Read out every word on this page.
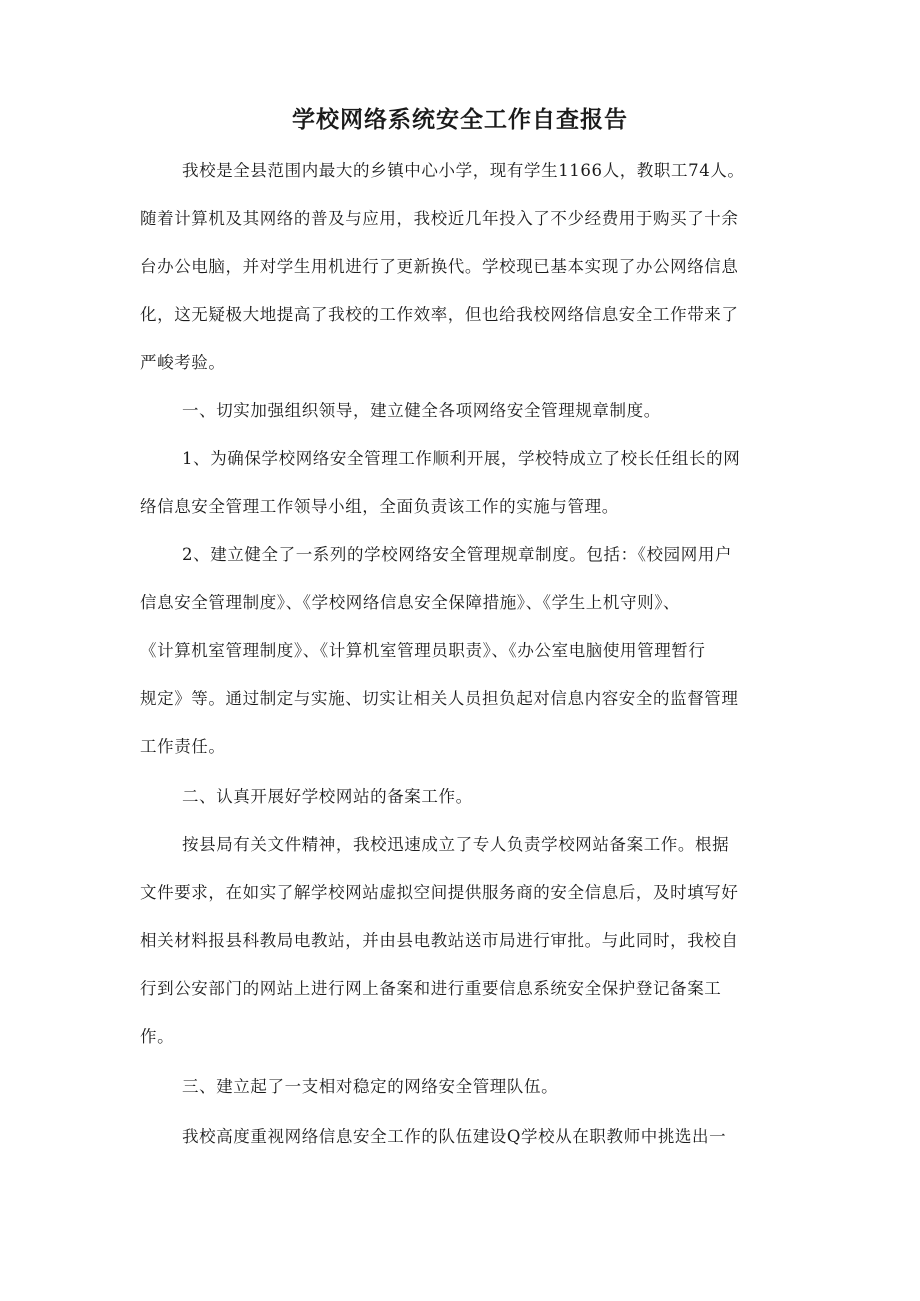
学校网络系统安全工作自查报告
我校是全县范围内最大的乡镇中心小学，现有学生1166人，教职工74人。
随着计算机及其网络的普及与应用，我校近几年投入了不少经费用于购买了十余
台办公电脑，并对学生用机进行了更新换代。学校现已基本实现了办公网络信息
化，这无疑极大地提高了我校的工作效率，但也给我校网络信息安全工作带来了
严峻考验。
一、切实加强组织领导，建立健全各项网络安全管理规章制度。
1、为确保学校网络安全管理工作顺利开展，学校特成立了校长任组长的网
络信息安全管理工作领导小组，全面负责该工作的实施与管理。
2、建立健全了一系列的学校网络安全管理规章制度。包括：《校园网用户
信息安全管理制度》、《学校网络信息安全保障措施》、《学生上机守则》、
《计算机室管理制度》、《计算机室管理员职责》、《办公室电脑使用管理暂行
规定》等。通过制定与实施、切实让相关人员担负起对信息内容安全的监督管理
工作责任。
二、认真开展好学校网站的备案工作。
按县局有关文件精神，我校迅速成立了专人负责学校网站备案工作。根据
文件要求，在如实了解学校网站虚拟空间提供服务商的安全信息后，及时填写好
相关材料报县科教局电教站，并由县电教站送市局进行审批。与此同时，我校自
行到公安部门的网站上进行网上备案和进行重要信息系统安全保护登记备案工
作。
三、建立起了一支相对稳定的网络安全管理队伍。
我校高度重视网络信息安全工作的队伍建设Q学校从在职教师中挑选出一
